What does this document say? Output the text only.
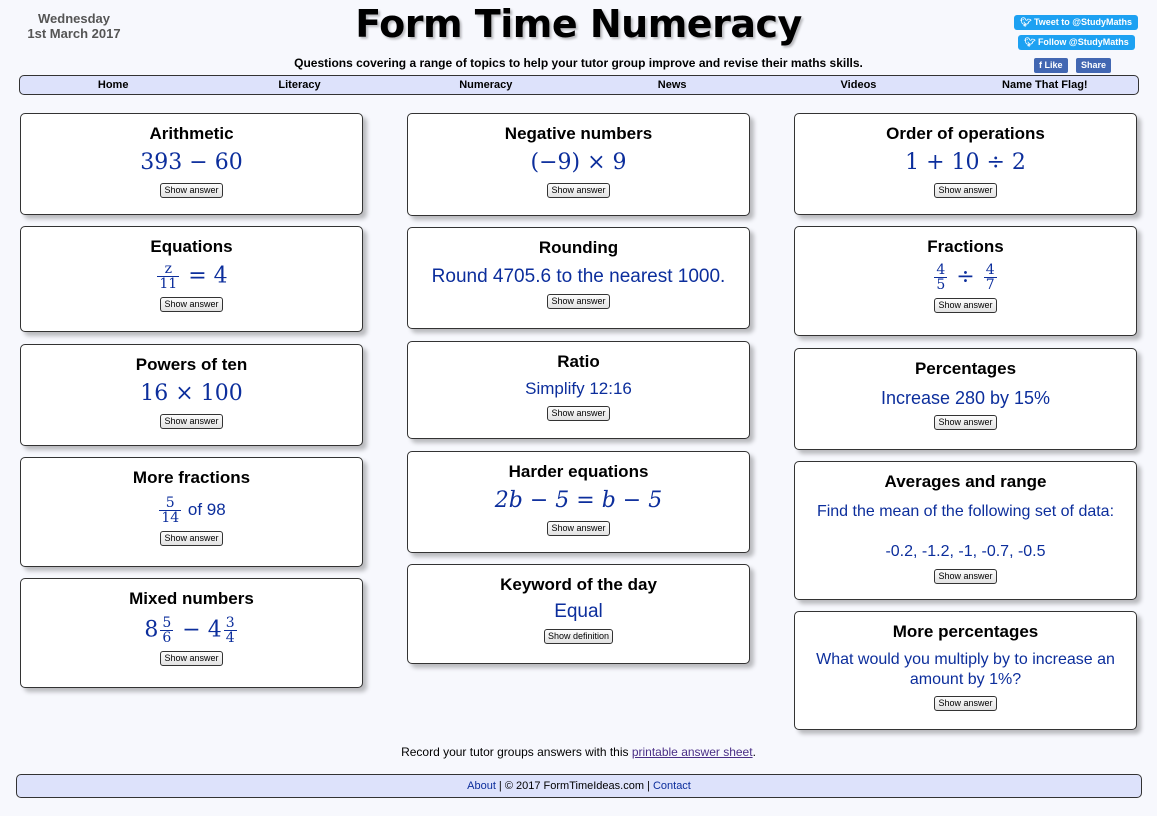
Wednesday
1st March 2017	Form Time Numeracy
Questions covering a range of topics to help your tutor group improve and revise their maths skills.
🐦︎ Tweet to @StudyMaths
🐦︎ Follow @StudyMaths
f Like	Share
Home	Literacy	Numeracy	News	Videos	Name That Flag!
Arithmetic
393 − 60
Show answer
Equations
$\frac{z}{11} = 4$
Show answer
Powers of ten
16 × 100
Show answer
More fractions
$\frac{5}{14}$ of 98
Show answer
Mixed numbers
$8 \frac{5}{6} - 4 \frac{3}{4}$
Show answer
Negative numbers
(−9) × 9
Show answer
Rounding
Round 4705.6 to the nearest 1000.
Show answer
Ratio
Simplify 12:16
Show answer
Harder equations
2b − 5 = b − 5
Show answer
Keyword of the day
Equal
Show definition
Order of operations
1 + 10 ÷ 2
Show answer
Fractions
$\frac{4}{5} \div \frac{4}{7}$
Show answer
Percentages
Increase 280 by 15%
Show answer
Averages and range
Find the mean of the following set of data:
-0.2, -1.2, -1, -0.7, -0.5
Show answer
More percentages
What would you multiply by to increase an amount by 1%?
Show answer
Record your tutor groups answers with this printable answer sheet.
About | © 2017 FormTimeIdeas.com | Contact
